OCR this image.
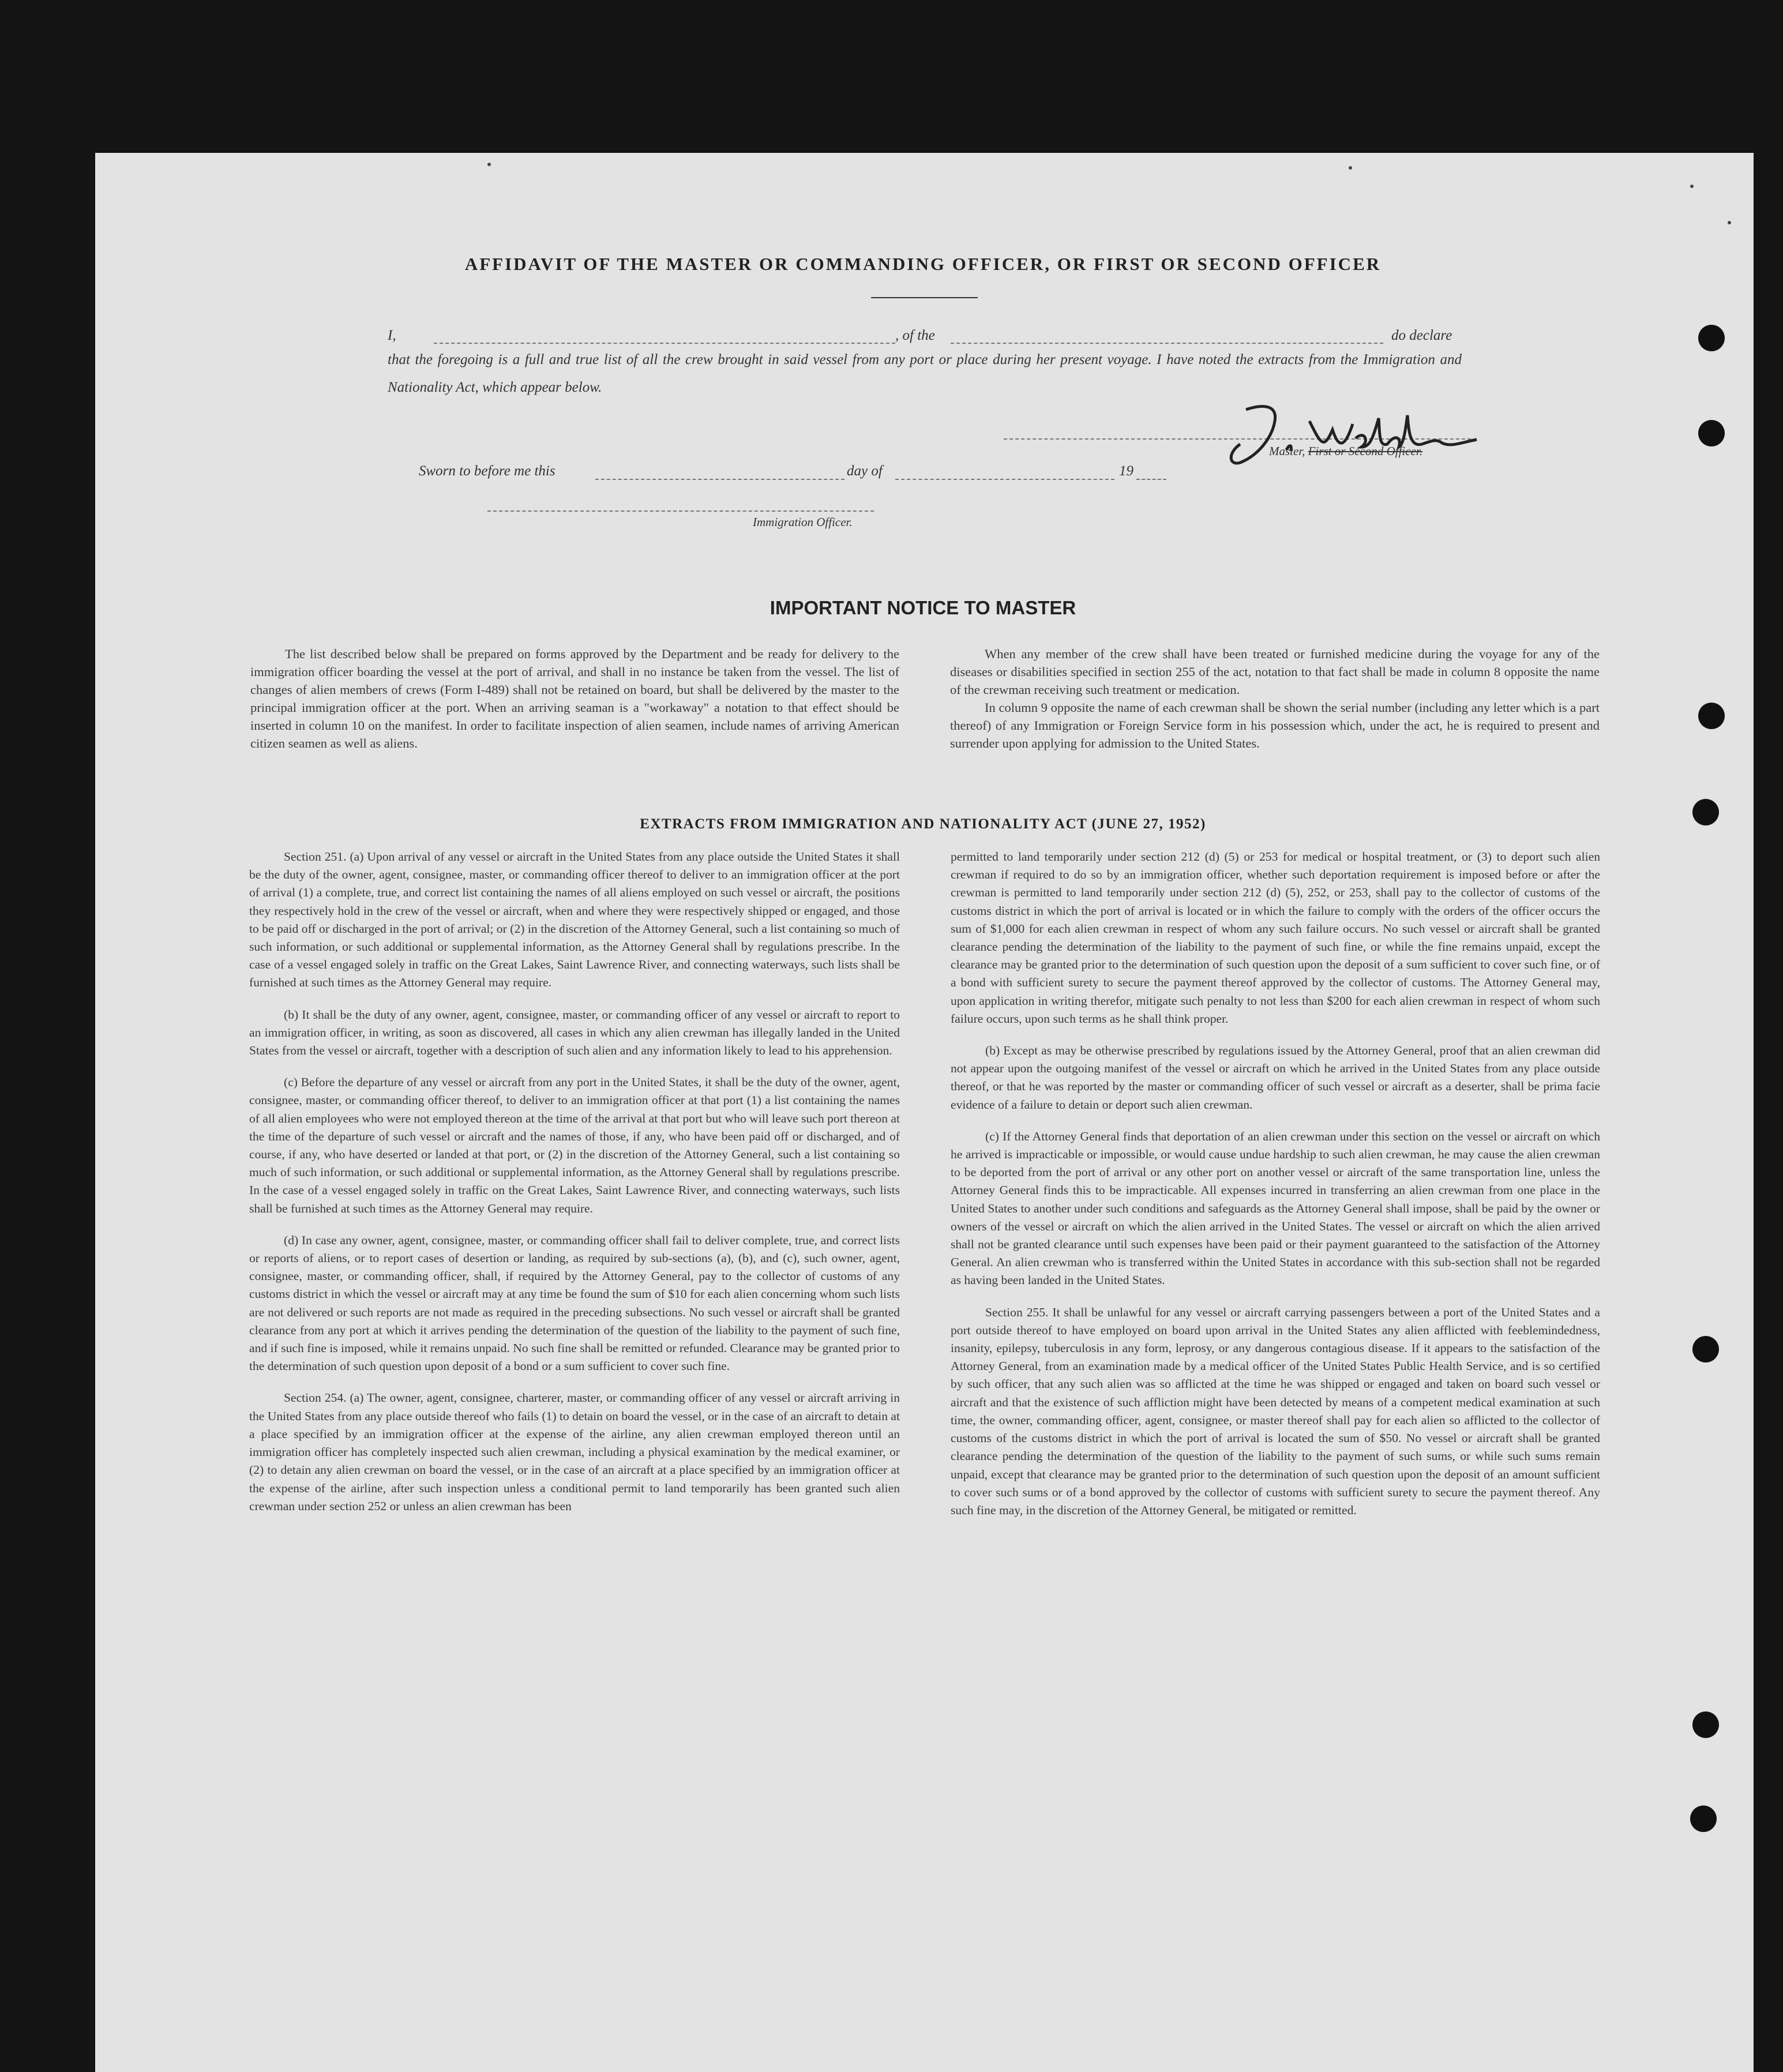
AFFIDAVIT OF THE MASTER OR COMMANDING OFFICER, OR FIRST OR SECOND OFFICER
I,	, of the	do declare
that the foregoing is a full and true list of all the crew brought in said vessel from any port or place during her present voyage. I have noted the extracts from the Immigration and Nationality Act, which appear below.
Master, First or Second Officer.
Sworn to before me this	day of	19
Immigration Officer.
IMPORTANT NOTICE TO MASTER

The list described below shall be prepared on forms approved by the Department and be ready for delivery to the immigration officer boarding the vessel at the port of arrival, and shall in no instance be taken from the vessel. The list of changes of alien members of crews (Form I-489) shall not be retained on board, but shall be delivered by the master to the principal immigration officer at the port. When an arriving seaman is a "workaway" a notation to that effect should be inserted in column 10 on the manifest. In order to facilitate inspection of alien seamen, include names of arriving American citizen seamen as well as aliens.

When any member of the crew shall have been treated or furnished medicine during the voyage for any of the diseases or disabilities specified in section 255 of the act, notation to that fact shall be made in column 8 opposite the name of the crewman receiving such treatment or medication.

In column 9 opposite the name of each crewman shall be shown the serial number (including any letter which is a part thereof) of any Immigration or Foreign Service form in his possession which, under the act, he is required to present and surrender upon applying for admission to the United States.

EXTRACTS FROM IMMIGRATION AND NATIONALITY ACT (JUNE 27, 1952)

Section 251. (a) Upon arrival of any vessel or aircraft in the United States from any place outside the United States it shall be the duty of the owner, agent, consignee, master, or commanding officer thereof to deliver to an immigration officer at the port of arrival (1) a complete, true, and correct list containing the names of all aliens employed on such vessel or aircraft, the positions they respectively hold in the crew of the vessel or aircraft, when and where they were respectively shipped or engaged, and those to be paid off or discharged in the port of arrival; or (2) in the discretion of the Attorney General, such a list containing so much of such information, or such additional or supplemental information, as the Attorney General shall by regulations prescribe. In the case of a vessel engaged solely in traffic on the Great Lakes, Saint Lawrence River, and connecting waterways, such lists shall be furnished at such times as the Attorney General may require.

(b) It shall be the duty of any owner, agent, consignee, master, or commanding officer of any vessel or aircraft to report to an immigration officer, in writing, as soon as discovered, all cases in which any alien crewman has illegally landed in the United States from the vessel or aircraft, together with a description of such alien and any information likely to lead to his apprehension.

(c) Before the departure of any vessel or aircraft from any port in the United States, it shall be the duty of the owner, agent, consignee, master, or commanding officer thereof, to deliver to an immigration officer at that port (1) a list containing the names of all alien employees who were not employed thereon at the time of the arrival at that port but who will leave such port thereon at the time of the departure of such vessel or aircraft and the names of those, if any, who have been paid off or discharged, and of course, if any, who have deserted or landed at that port, or (2) in the discretion of the Attorney General, such a list containing so much of such information, or such additional or supplemental information, as the Attorney General shall by regulations prescribe. In the case of a vessel engaged solely in traffic on the Great Lakes, Saint Lawrence River, and connecting waterways, such lists shall be furnished at such times as the Attorney General may require.

(d) In case any owner, agent, consignee, master, or commanding officer shall fail to deliver complete, true, and correct lists or reports of aliens, or to report cases of desertion or landing, as required by sub-sections (a), (b), and (c), such owner, agent, consignee, master, or commanding officer, shall, if required by the Attorney General, pay to the collector of customs of any customs district in which the vessel or aircraft may at any time be found the sum of $10 for each alien concerning whom such lists are not delivered or such reports are not made as required in the preceding subsections. No such vessel or aircraft shall be granted clearance from any port at which it arrives pending the determination of the question of the liability to the payment of such fine, and if such fine is imposed, while it remains unpaid. No such fine shall be remitted or refunded. Clearance may be granted prior to the determination of such question upon deposit of a bond or a sum sufficient to cover such fine.

Section 254. (a) The owner, agent, consignee, charterer, master, or commanding officer of any vessel or aircraft arriving in the United States from any place outside thereof who fails (1) to detain on board the vessel, or in the case of an aircraft to detain at a place specified by an immigration officer at the expense of the airline, any alien crewman employed thereon until an immigration officer has completely inspected such alien crewman, including a physical examination by the medical examiner, or (2) to detain any alien crewman on board the vessel, or in the case of an aircraft at a place specified by an immigration officer at the expense of the airline, after such inspection unless a conditional permit to land temporarily has been granted such alien crewman under section 252 or unless an alien crewman has been

permitted to land temporarily under section 212 (d) (5) or 253 for medical or hospital treatment, or (3) to deport such alien crewman if required to do so by an immigration officer, whether such deportation requirement is imposed before or after the crewman is permitted to land temporarily under section 212 (d) (5), 252, or 253, shall pay to the collector of customs of the customs district in which the port of arrival is located or in which the failure to comply with the orders of the officer occurs the sum of $1,000 for each alien crewman in respect of whom any such failure occurs. No such vessel or aircraft shall be granted clearance pending the determination of the liability to the payment of such fine, or while the fine remains unpaid, except the clearance may be granted prior to the determination of such question upon the deposit of a sum sufficient to cover such fine, or of a bond with sufficient surety to secure the payment thereof approved by the collector of customs. The Attorney General may, upon application in writing therefor, mitigate such penalty to not less than $200 for each alien crewman in respect of whom such failure occurs, upon such terms as he shall think proper.

(b) Except as may be otherwise prescribed by regulations issued by the Attorney General, proof that an alien crewman did not appear upon the outgoing manifest of the vessel or aircraft on which he arrived in the United States from any place outside thereof, or that he was reported by the master or commanding officer of such vessel or aircraft as a deserter, shall be prima facie evidence of a failure to detain or deport such alien crewman.

(c) If the Attorney General finds that deportation of an alien crewman under this section on the vessel or aircraft on which he arrived is impracticable or impossible, or would cause undue hardship to such alien crewman, he may cause the alien crewman to be deported from the port of arrival or any other port on another vessel or aircraft of the same transportation line, unless the Attorney General finds this to be impracticable. All expenses incurred in transferring an alien crewman from one place in the United States to another under such conditions and safeguards as the Attorney General shall impose, shall be paid by the owner or owners of the vessel or aircraft on which the alien arrived in the United States. The vessel or aircraft on which the alien arrived shall not be granted clearance until such expenses have been paid or their payment guaranteed to the satisfaction of the Attorney General. An alien crewman who is transferred within the United States in accordance with this sub-section shall not be regarded as having been landed in the United States.

Section 255. It shall be unlawful for any vessel or aircraft carrying passengers between a port of the United States and a port outside thereof to have employed on board upon arrival in the United States any alien afflicted with feeblemindedness, insanity, epilepsy, tuberculosis in any form, leprosy, or any dangerous contagious disease. If it appears to the satisfaction of the Attorney General, from an examination made by a medical officer of the United States Public Health Service, and is so certified by such officer, that any such alien was so afflicted at the time he was shipped or engaged and taken on board such vessel or aircraft and that the existence of such affliction might have been detected by means of a competent medical examination at such time, the owner, commanding officer, agent, consignee, or master thereof shall pay for each alien so afflicted to the collector of customs of the customs district in which the port of arrival is located the sum of $50. No vessel or aircraft shall be granted clearance pending the determination of the question of the liability to the payment of such sums, or while such sums remain unpaid, except that clearance may be granted prior to the determination of such question upon the deposit of an amount sufficient to cover such sums or of a bond approved by the collector of customs with sufficient surety to secure the payment thereof. Any such fine may, in the discretion of the Attorney General, be mitigated or remitted.
